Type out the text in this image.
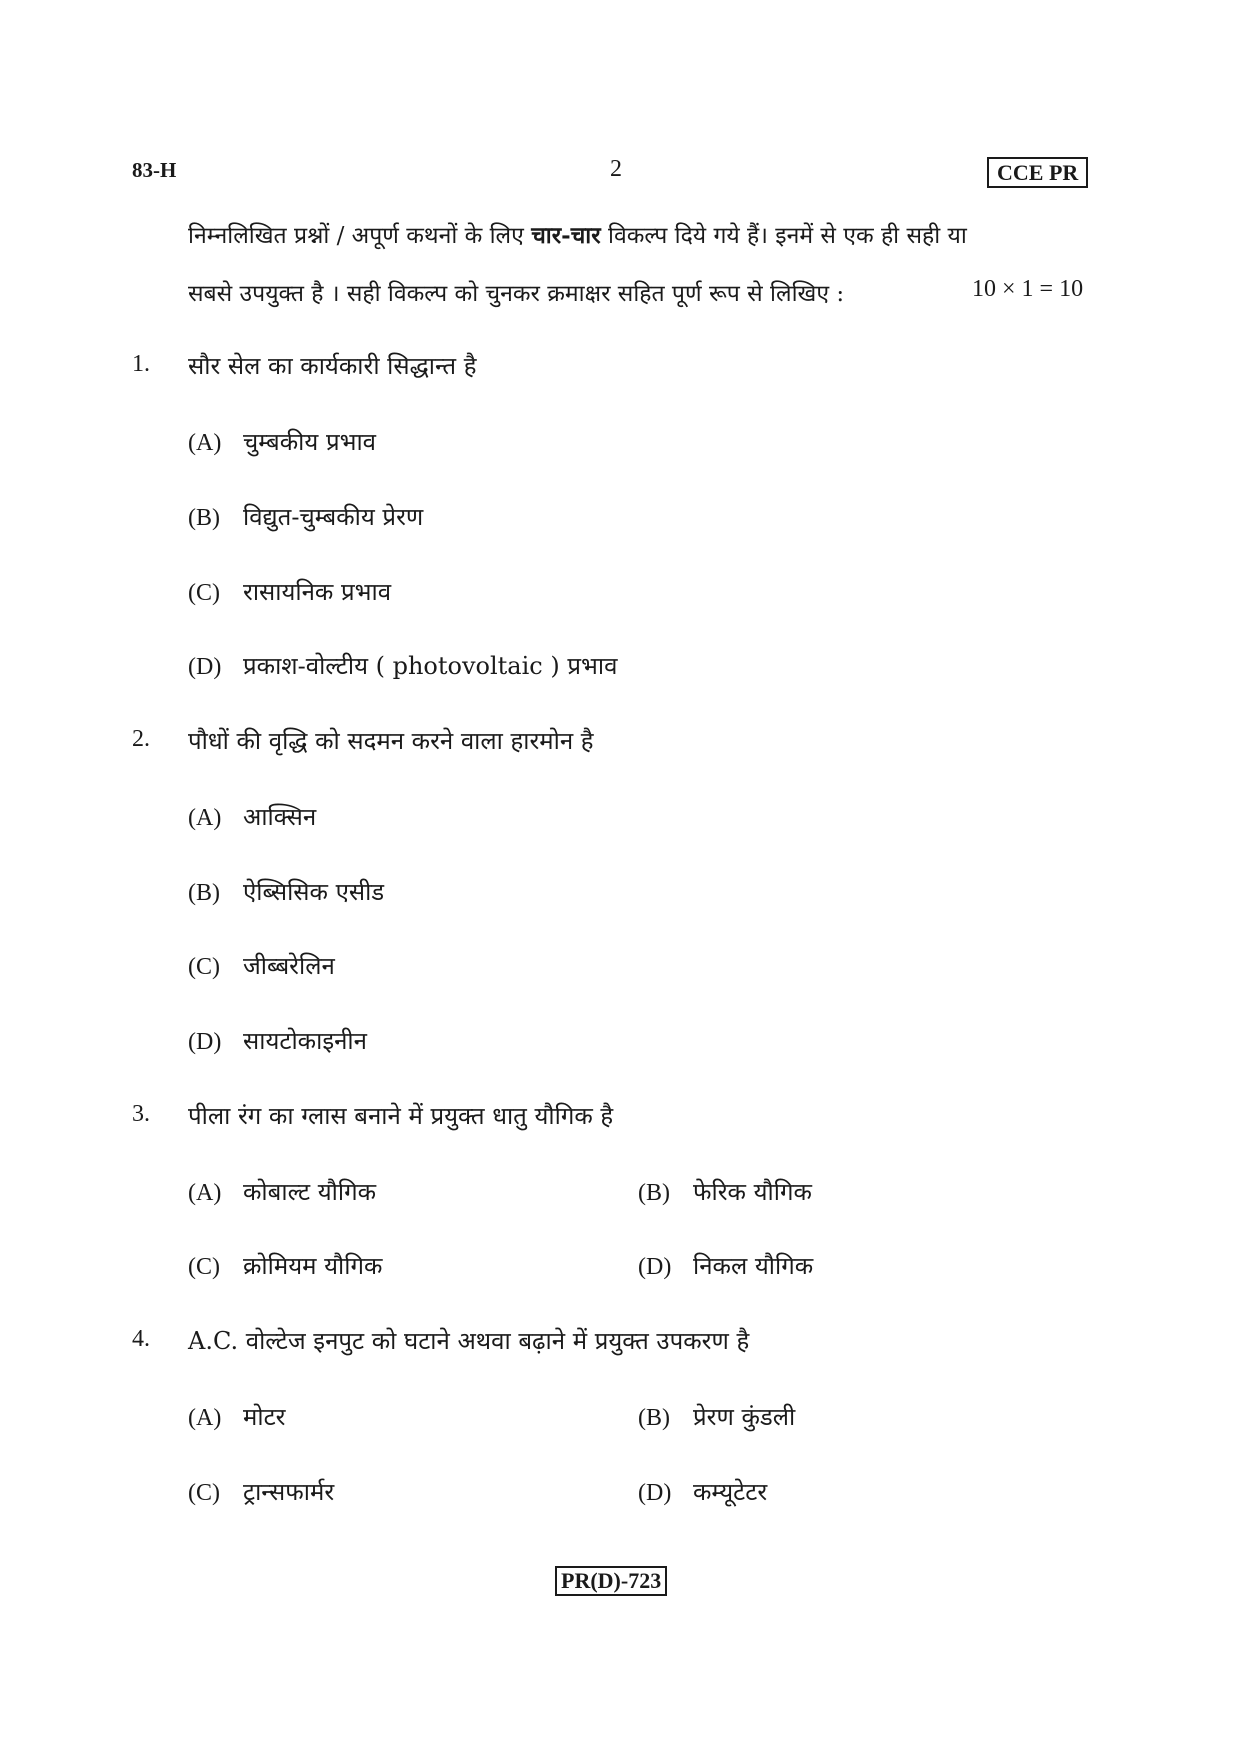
83-H	2	CCE PR
निम्नलिखित प्रश्नों / अपूर्ण कथनों के लिए चार-चार विकल्प दिये गये हैं। इनमें से एक ही सही या
सबसे उपयुक्त है । सही विकल्प को चुनकर क्रमाक्षर सहित पूर्ण रूप से लिखिए :	10 × 1 = 10
1. सौर सेल का कार्यकारी सिद्धान्त है
(A) चुम्बकीय प्रभाव
(B) विद्युत-चुम्बकीय प्रेरण
(C) रासायनिक प्रभाव
(D) प्रकाश-वोल्टीय ( photovoltaic ) प्रभाव
2. पौधों की वृद्धि को सदमन करने वाला हारमोन है
(A) आक्सिन
(B) ऐब्सिसिक एसीड
(C) जीब्बरेलिन
(D) सायटोकाइनीन
3. पीला रंग का ग्लास बनाने में प्रयुक्त धातु यौगिक है
(A) कोबाल्ट यौगिक	(B) फेरिक यौगिक
(C) क्रोमियम यौगिक	(D) निकल यौगिक
4. A.C. वोल्टेज इनपुट को घटाने अथवा बढ़ाने में प्रयुक्त उपकरण है
(A) मोटर	(B) प्रेरण कुंडली
(C) ट्रान्सफार्मर	(D) कम्यूटेटर
PR(D)-723
